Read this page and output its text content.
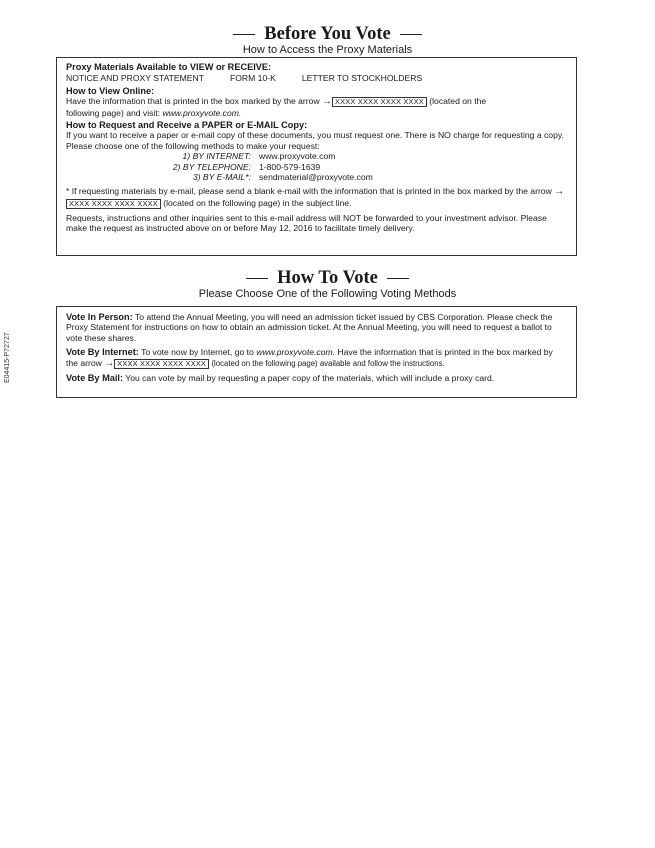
Before You Vote
How to Access the Proxy Materials

Proxy Materials Available to VIEW or RECEIVE:

NOTICE AND PROXY STATEMENT	FORM 10-K	LETTER TO STOCKHOLDERS

How to View Online:

Have the information that is printed in the box marked by the arrow → XXXX XXXX XXXX XXXX (located on the
following page) and visit: www.proxyvote.com.

How to Request and Receive a PAPER or E-MAIL Copy:

If you want to receive a paper or e-mail copy of these documents, you must request one. There is NO charge for requesting a copy. Please choose one of the following methods to make your request:

1) BY INTERNET: www.proxyvote.com
2) BY TELEPHONE: 1-800-579-1639
3) BY E-MAIL*: sendmaterial@proxyvote.com

* If requesting materials by e-mail, please send a blank e-mail with the information that is printed in the box marked by the arrow →XXXX XXXX XXXX XXXX (located on the following page) in the subject line.

Requests, instructions and other inquiries sent to this e-mail address will NOT be forwarded to your investment advisor. Please make the request as instructed above on or before May 12, 2016 to facilitate timely delivery.

How To Vote
Please Choose One of the Following Voting Methods

Vote In Person: To attend the Annual Meeting, you will need an admission ticket issued by CBS Corporation. Please check the Proxy Statement for instructions on how to obtain an admission ticket. At the Annual Meeting, you will need to request a ballot to vote these shares.

Vote By Internet: To vote now by Internet, go to www.proxyvote.com. Have the information that is printed in the box marked by the arrow → XXXX XXXX XXXX XXXX (located on the following page) available and follow the instructions.

Vote By Mail: You can vote by mail by requesting a paper copy of the materials, which will include a proxy card.

E04415-P72727
